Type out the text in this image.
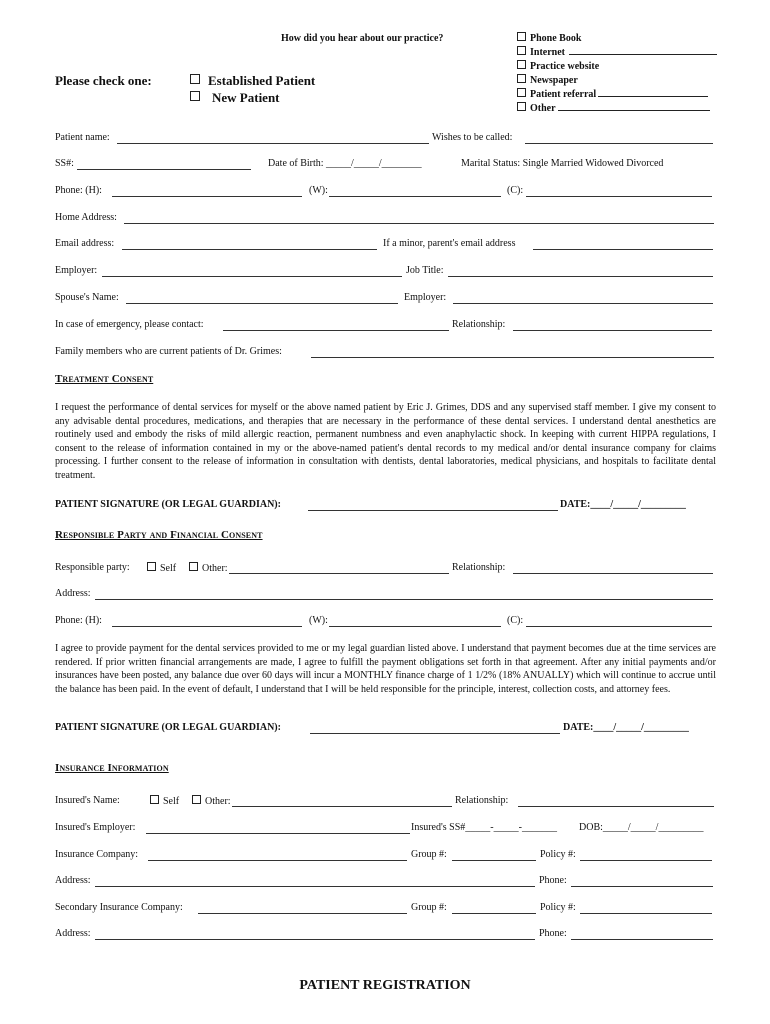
How did you hear about our practice?	Phone Book
Internet
Practice website
Newspaper
Patient referral
Other
Please check one:	Established Patient
New Patient
Patient name:	Wishes to be called:
SS#:	Date of Birth: _____/_____/________	Marital Status: Single Married Widowed Divorced
Phone: (H):	(W):	(C):
Home Address:
Email address:	If a minor, parent's email address
Employer:	Job Title:
Spouse's Name:	Employer:
In case of emergency, please contact:	Relationship:
Family members who are current patients of Dr. Grimes:
Treatment Consent
I request the performance of dental services for myself or the above named patient by Eric J. Grimes, DDS and any supervised staff member. I give my consent to any advisable dental procedures, medications, and therapies that are necessary in the performance of these dental services. I understand dental anesthetics are routinely used and embody the risks of mild allergic reaction, permanent numbness and even anaphylactic shock. In keeping with current HIPPA regulations, I consent to the release of information contained in my or the above-named patient's dental records to my medical and/or dental insurance company for claims processing. I further consent to the release of information in consultation with dentists, dental laboratories, medical physicians, and hospitals to facilitate dental treatment.
PATIENT SIGNATURE (OR LEGAL GUARDIAN):	DATE:____/_____/_________
Responsible Party and Financial Consent
Responsible party:	Self	Other:	Relationship:
Address:
Phone: (H):	(W):	(C):
I agree to provide payment for the dental services provided to me or my legal guardian listed above. I understand that payment becomes due at the time services are rendered. If prior written financial arrangements are made, I agree to fulfill the payment obligations set forth in that agreement. After any initial payments and/or insurances have been posted, any balance due over 60 days will incur a MONTHLY finance charge of 1 1/2% (18% ANUALLY) which will continue to accrue until the balance has been paid. In the event of default, I understand that I will be held responsible for the principle, interest, collection costs, and attorney fees.
PATIENT SIGNATURE (OR LEGAL GUARDIAN):	DATE:____/_____/_________
Insurance Information
Insured's Name:	Self	Other:	Relationship:
Insured's Employer:	Insured's SS#_____-_____-_______ DOB:_____/_____/_________
Insurance Company:	Group #:	Policy #:
Address:	Phone:
Secondary Insurance Company:	Group #:	Policy #:
Address:	Phone:
PATIENT REGISTRATION
